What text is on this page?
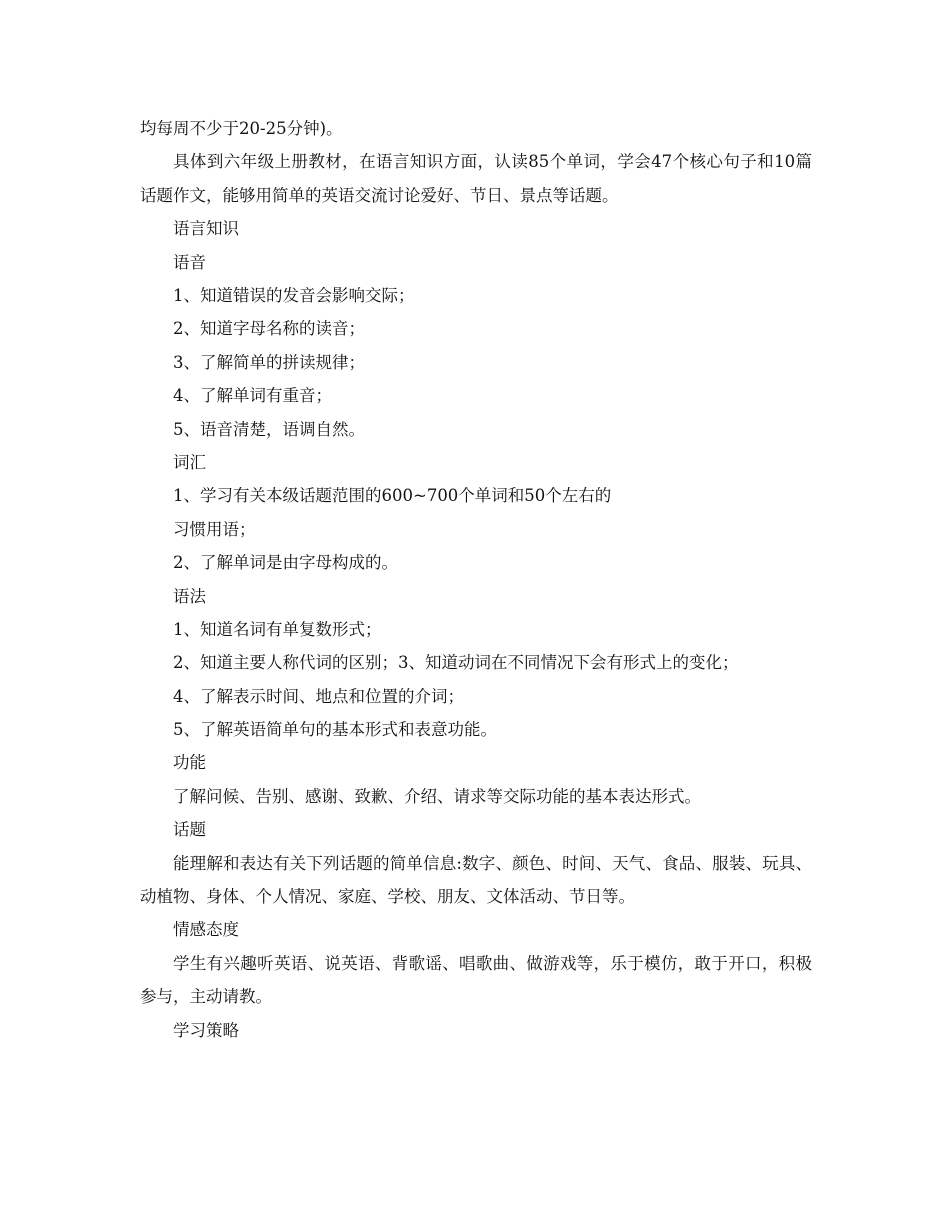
均每周不少于20-25分钟)。
具体到六年级上册教材，在语言知识方面，认读85个单词，学会47个核心句子和10篇话题作文，能够用简单的英语交流讨论爱好、节日、景点等话题。
语言知识
语音
1、知道错误的发音会影响交际；
2、知道字母名称的读音；
3、了解简单的拼读规律；
4、了解单词有重音；
5、语音清楚，语调自然。
词汇
1、学习有关本级话题范围的600~700个单词和50个左右的
习惯用语；
2、了解单词是由字母构成的。
语法
1、知道名词有单复数形式；
2、知道主要人称代词的区别；3、知道动词在不同情况下会有形式上的变化；
4、了解表示时间、地点和位置的介词；
5、了解英语简单句的基本形式和表意功能。
功能
了解问候、告别、感谢、致歉、介绍、请求等交际功能的基本表达形式。
话题
能理解和表达有关下列话题的简单信息:数字、颜色、时间、天气、食品、服装、玩具、动植物、身体、个人情况、家庭、学校、朋友、文体活动、节日等。
情感态度
学生有兴趣听英语、说英语、背歌谣、唱歌曲、做游戏等，乐于模仿，敢于开口，积极参与，主动请教。
学习策略
